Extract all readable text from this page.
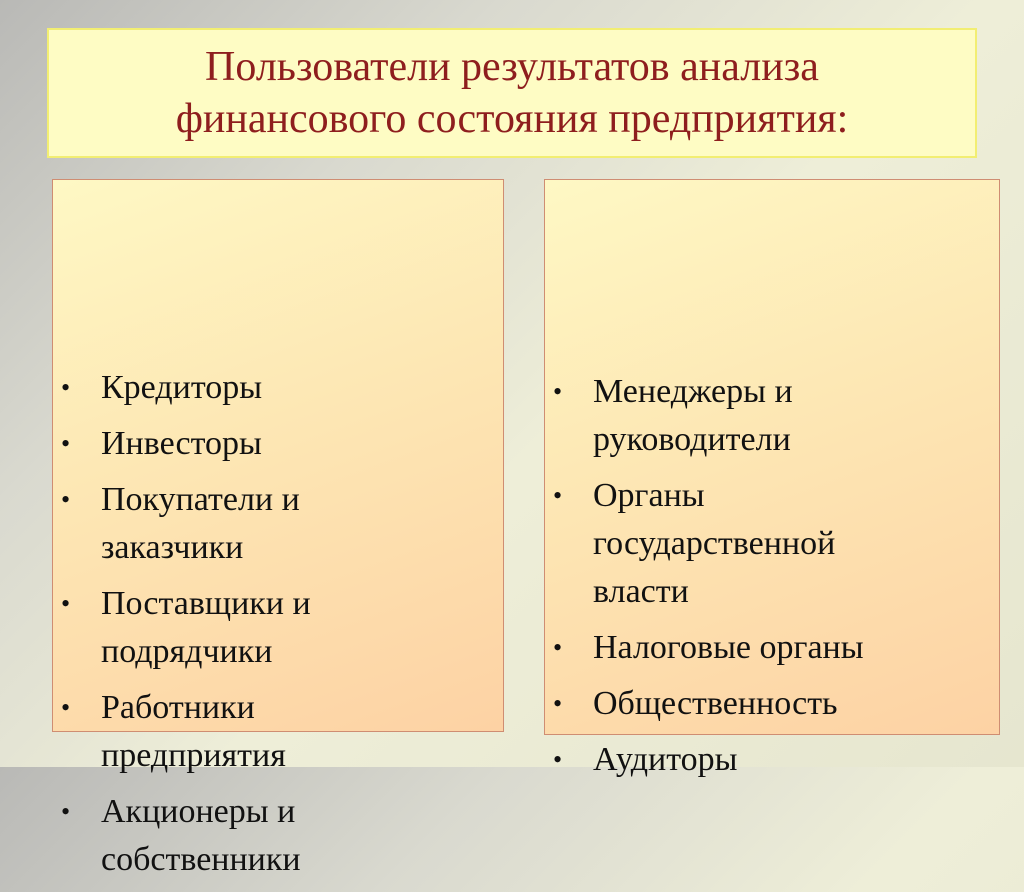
Пользователи результатов анализа
финансового состояния предприятия:
• Кредиторы
• Инвесторы
• Покупатели и
заказчики
• Поставщики и
подрядчики
• Работники
предприятия
• Акционеры и
собственники
• Менеджеры и
руководители
• Органы
государственной
власти
• Налоговые органы
• Общественность
• Аудиторы
